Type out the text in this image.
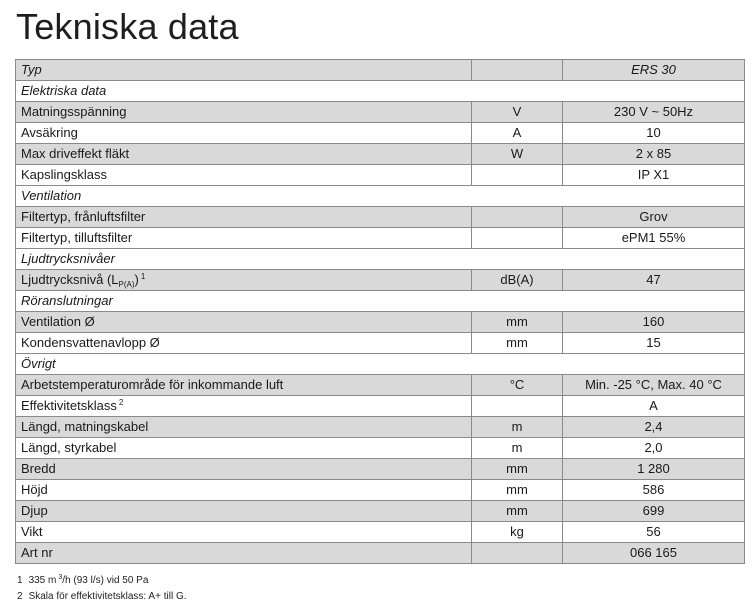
Tekniska data
Typ		ERS 30
Elektriska data		
Matningsspänning	V	230 V ~ 50Hz
Avsäkring	A	10
Max driveffekt fläkt	W	2 x 85
Kapslingsklass		IP X1
Ventilation		
Filtertyp, frånluftsfilter		Grov
Filtertyp, tilluftsfilter		ePM1 55%
Ljudtrycksnivåer		
Ljudtrycksnivå $(L_{P(A)})$ $^1$	dB(A)	47
Röranslutningar		
Ventilation Ø	mm	160
Kondensvattenavlopp Ø	mm	15
Övrigt		
Arbetstemperaturområde för inkommande luft	°C	Min. -25 °C, Max. 40 °C
Effektivitetsklass $^2$		A
Längd, matningskabel	m	2,4
Längd, styrkabel	m	2,0
Bredd	mm	1 280
Höjd	mm	586
Djup	mm	699
Vikt	kg	56
Art nr		066 165
1 335 m $^3$/h (93 l/s) vid 50 Pa
2 Skala för effektivitetsklass: A+ till G.
